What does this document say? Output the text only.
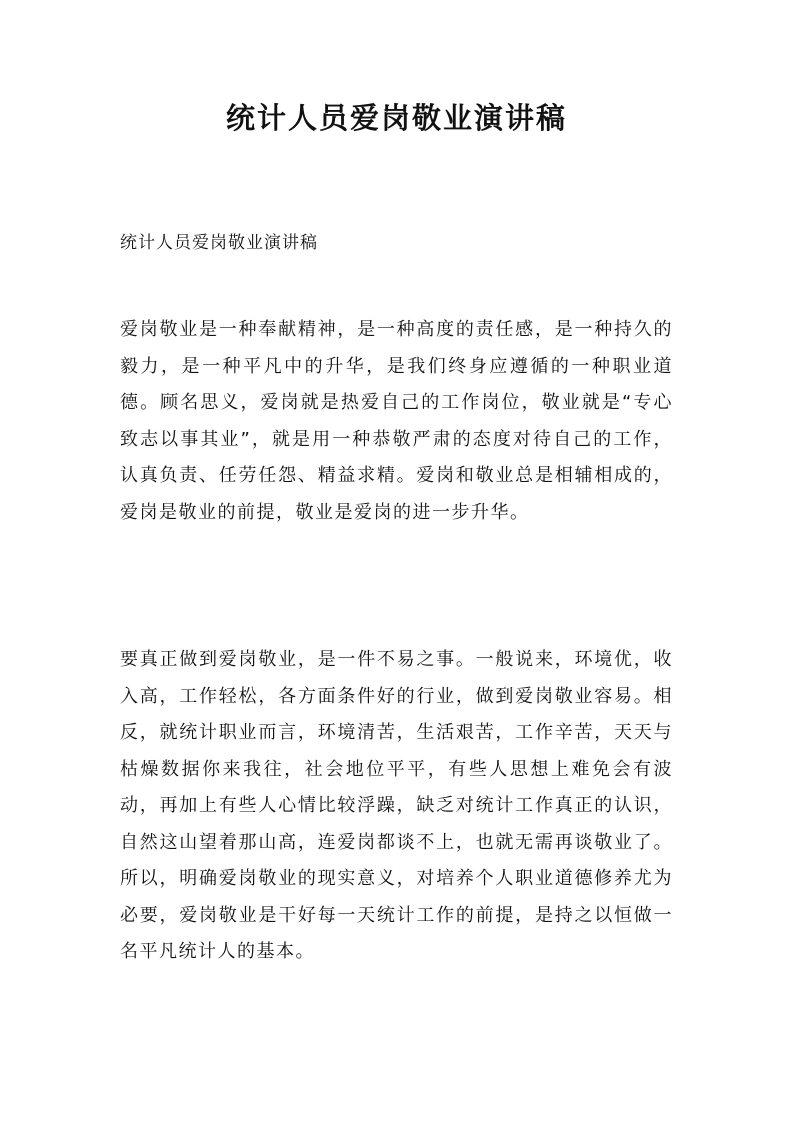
统计人员爱岗敬业演讲稿

统计人员爱岗敬业演讲稿

爱岗敬业是一种奉献精神，是一种高度的责任感，是一种持久的毅力，是一种平凡中的升华，是我们终身应遵循的一种职业道德。顾名思义，爱岗就是热爱自己的工作岗位，敬业就是“专心致志以事其业”，就是用一种恭敬严肃的态度对待自己的工作，认真负责、任劳任怨、精益求精。爱岗和敬业总是相辅相成的，爱岗是敬业的前提，敬业是爱岗的进一步升华。

要真正做到爱岗敬业，是一件不易之事。一般说来，环境优，收入高，工作轻松，各方面条件好的行业，做到爱岗敬业容易。相反，就统计职业而言，环境清苦，生活艰苦，工作辛苦，天天与枯燥数据你来我往，社会地位平平，有些人思想上难免会有波动，再加上有些人心情比较浮躁，缺乏对统计工作真正的认识，自然这山望着那山高，连爱岗都谈不上，也就无需再谈敬业了。所以，明确爱岗敬业的现实意义，对培养个人职业道德修养尤为必要，爱岗敬业是干好每一天统计工作的前提，是持之以恒做一名平凡统计人的基本。
